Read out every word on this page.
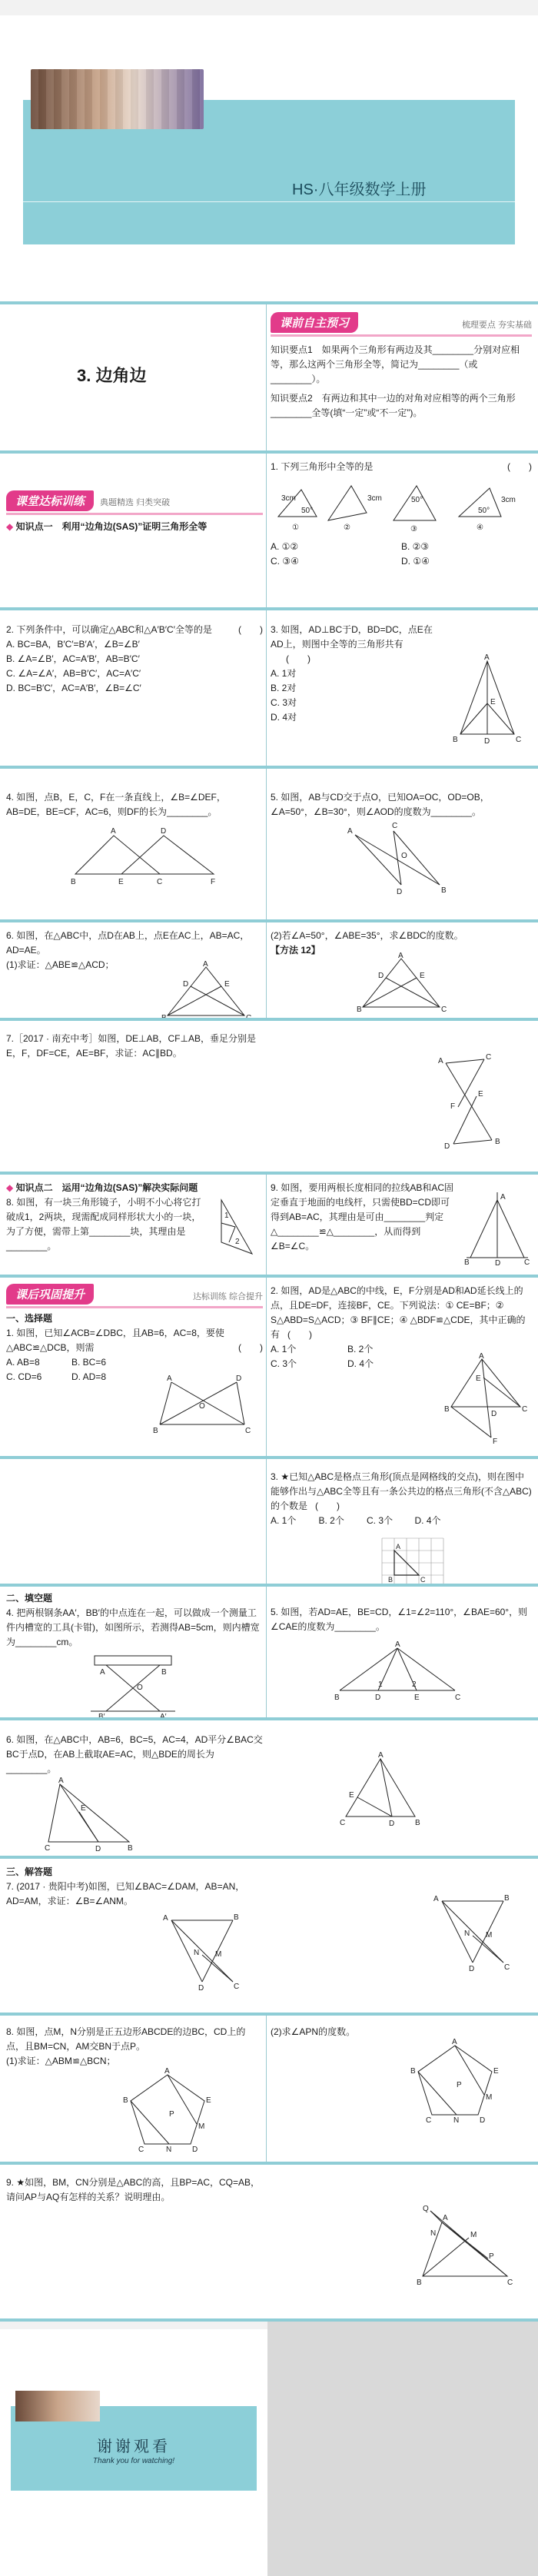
HS·八年级数学上册
3. 边角边
课前自主预习	梳理要点 夯实基础
知识要点1　如果两个三角形有两边及其________分别对应相等，那么这两个三角形全等，简记为________（或________）。
知识要点2　有两边和其中一边的对角对应相等的两个三角形________全等(填“一定”或“不一定”)。
课堂达标训练 典题精选 归类突破
◆ 知识点一　利用“边角边(SAS)”证明三角形全等
1. 下列三角形中全等的是	(　　)
①	②	③	④
3cm
50°
3cm	50°	3cm
50°
A. ①②	B. ②③
C. ③④	D. ①④
2. 下列条件中，可以确定△ABC和△A′B′C′全等的是	(　　)
A. BC=BA，B′C′=B′A′，∠B=∠B′
B. ∠A=∠B′，AC=A′B′，AB=B′C′
C. ∠A=∠A′，AB=B′C′，AC=A′C′
D. BC=B′C′，AC=A′B′，∠B=∠C′
3. 如图，AD⊥BC于D，BD=DC，点E在AD上，则图中全等的三角形共有(　　)
A. 1对
B. 2对
C. 3对
D. 4对
A
E
B	D	C
4. 如图，点B，E，C，F在一条直线上，∠B=∠DEF，AB=DE，BE=CF，AC=6，则DF的长为________。
A	D
B	E	C	F
5. 如图，AB与CD交于点O，已知OA=OC，OD=OB，∠A=50°，∠B=30°，则∠AOD的度数为________。
A
C
O
D	B
6. 如图，在△ABC中，点D在AB上，点E在AC上，AB=AC，AD=AE。
(1)求证：△ABE≌△ACD；	A
D	E
(2)若∠A=50°，∠ABE=35°，求∠BDC的度数。
【方法 12】
A
D	E
B	C
7.［2017 · 南充中考］如图，DE⊥AB，CF⊥AB，垂足分别是E，F，DF=CE，AE=BF，求证：AC∥BD。	C
A
E
F
B
D
◆ 知识点二　运用“边角边(SAS)”解决实际问题
8. 如图，有一块三角形镜子，小明不小心将它打破成1，2两块，现需配成同样形状大小的一块，为了方便，需带上第________块，其理由是________。
1
2
9. 如图，要用两根长度相同的拉线AB和AC固定垂直于地面的电线杆，只需使BD=CD即可得到AB=AC，其理由是可由________判定△________≌△________，从而得到∠B=∠C。
A
B	D	C
课后巩固提升	达标训练 综合提升
一、选择题
1. 如图，已知∠ACB=∠DBC，且AB=6，AC=8，要使△ABC≌△DCB，则需	(　　)
A. AB=8	B. BC=6
C. CD=6	D. AD=8	A	D
O
B	C
2. 如图，AD是△ABC的中线，E，F分别是AD和AD延长线上的点，且DE=DF，连接BF，CE。下列说法：① CE=BF；② S△ABD=S△ACD；③ BF∥CE；④ △BDF≌△CDE，其中正确的有 (　　)
A. 1个	B. 2个
C. 3个	D. 4个
A
E
B
D
C
F
3. ★已知△ABC是格点三角形(顶点是网格线的交点)，则在图中能够作出与△ABC全等且有一条公共边的格点三角形(不含△ABC)的个数是 (　　)
A. 1个	B. 2个	C. 3个	D. 4个
A
B	C
二、填空题
4. 把两根钢条AA′，BB′的中点连在一起，可以做成一个测量工件内槽宽的工具(卡钳)，如图所示，若测得AB=5cm，则内槽宽为________cm。
A	B
O
5. 如图，若AD=AE，BE=CD，∠1=∠2=110°，∠BAE=60°，则∠CAE的度数为________。
A
1	2
B	D	E	C
6. 如图，在△ABC中，AB=6，BC=5，AC=4，AD平分∠BAC交BC于点D，在AB上截取AE=AC，则△BDE的周长为________。
A
E
C	D	B
A
E
C	D	B
三、解答题
7. (2017 · 贵阳中考)如图，已知∠BAC=∠DAM，AB=AN，AD=AM，求证：∠B=∠ANM。
A	B
N M
D	C
A	B
N M
D	C
8. 如图，点M，N分别是正五边形ABCDE的边BC，CD上的点，且BM=CN，AM交BN于点P。
(1)求证：△ABM≌△BCN；
A
E
B
P
D
M
N
C
(2)求∠APN的度数。
A
E
B
P
D
M
N
C
9. ★如图，BM，CN分别是△ABC的高，且BP=AC，CQ=AB，请问AP与AQ有怎样的关系？说明理由。
Q
A
N	M
P
B	C
谢谢观看
Thank you for watching!
